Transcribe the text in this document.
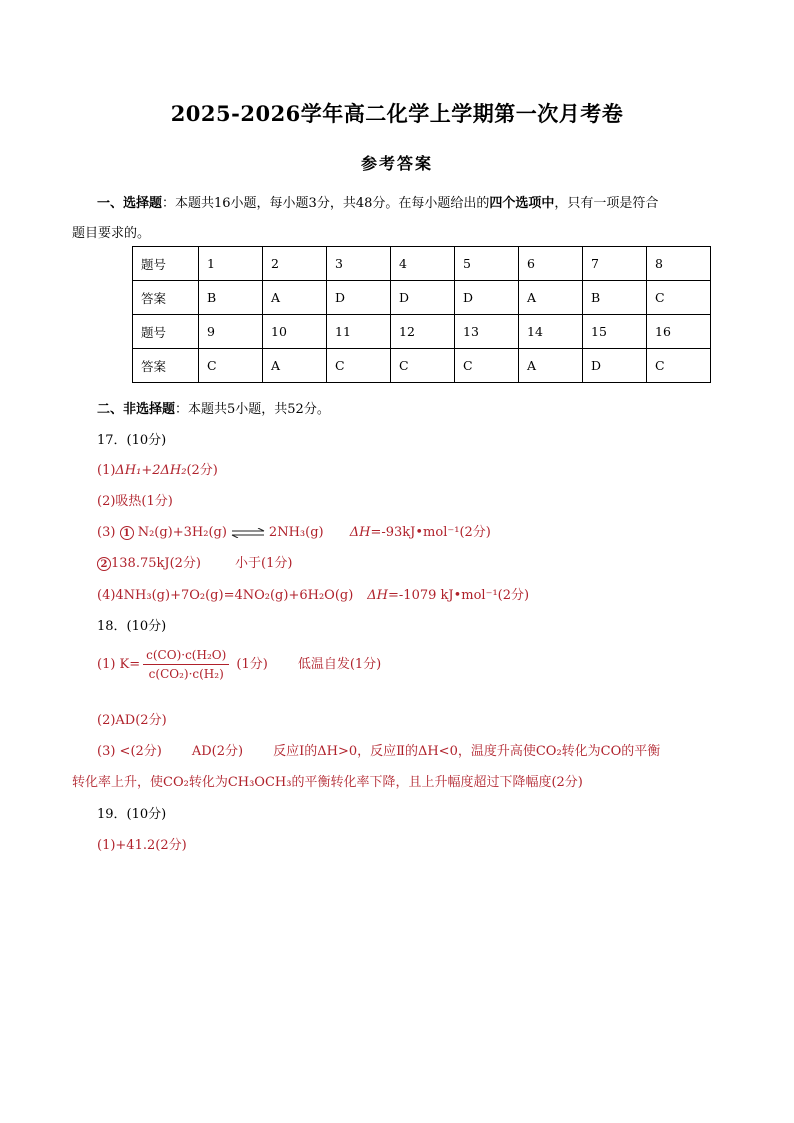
2025-2026学年高二化学上学期第一次月考卷
参考答案
一、选择题：本题共16小题，每小题3分，共48分。在每小题给出的四个选项中，只有一项是符合
题目要求的。
题号	1	2	3	4	5	6	7	8
答案	B	A	D	D	D	A	B	C
题号	9	10	11	12	13	14	15	16
答案	C	A	C	C	C	A	D	C
二、非选择题：本题共5小题，共52分。
17．(10分)
(1)ΔH₁+2ΔH₂(2分)
(2)吸热(1分)
(3) 1 N₂(g)+3H₂(g) ⇌ 2NH₃(g) ΔH=-93kJ•mol⁻¹(2分)
2 138.75kJ(2分)	小于(1分)
(4)4NH₃(g)+7O₂(g)=4NO₂(g)+6H₂O(g) ΔH=-1079 kJ•mol⁻¹(2分)
18．(10分)
(1) $K= \frac{\text{c(CO)·c(H₂O)}}{\text{c(CO₂)·c(H₂)}} (1$分) 低温自发(1分)
(2)AD(2分)
(3) <(2分) AD(2分) 反应Ⅰ的ΔH>0，反应Ⅱ的ΔH<0，温度升高使CO₂转化为CO的平衡
转化率上升，使CO₂转化为CH₃OCH₃的平衡转化率下降，且上升幅度超过下降幅度(2分)
19．(10分)
(1)+41.2(2分)
